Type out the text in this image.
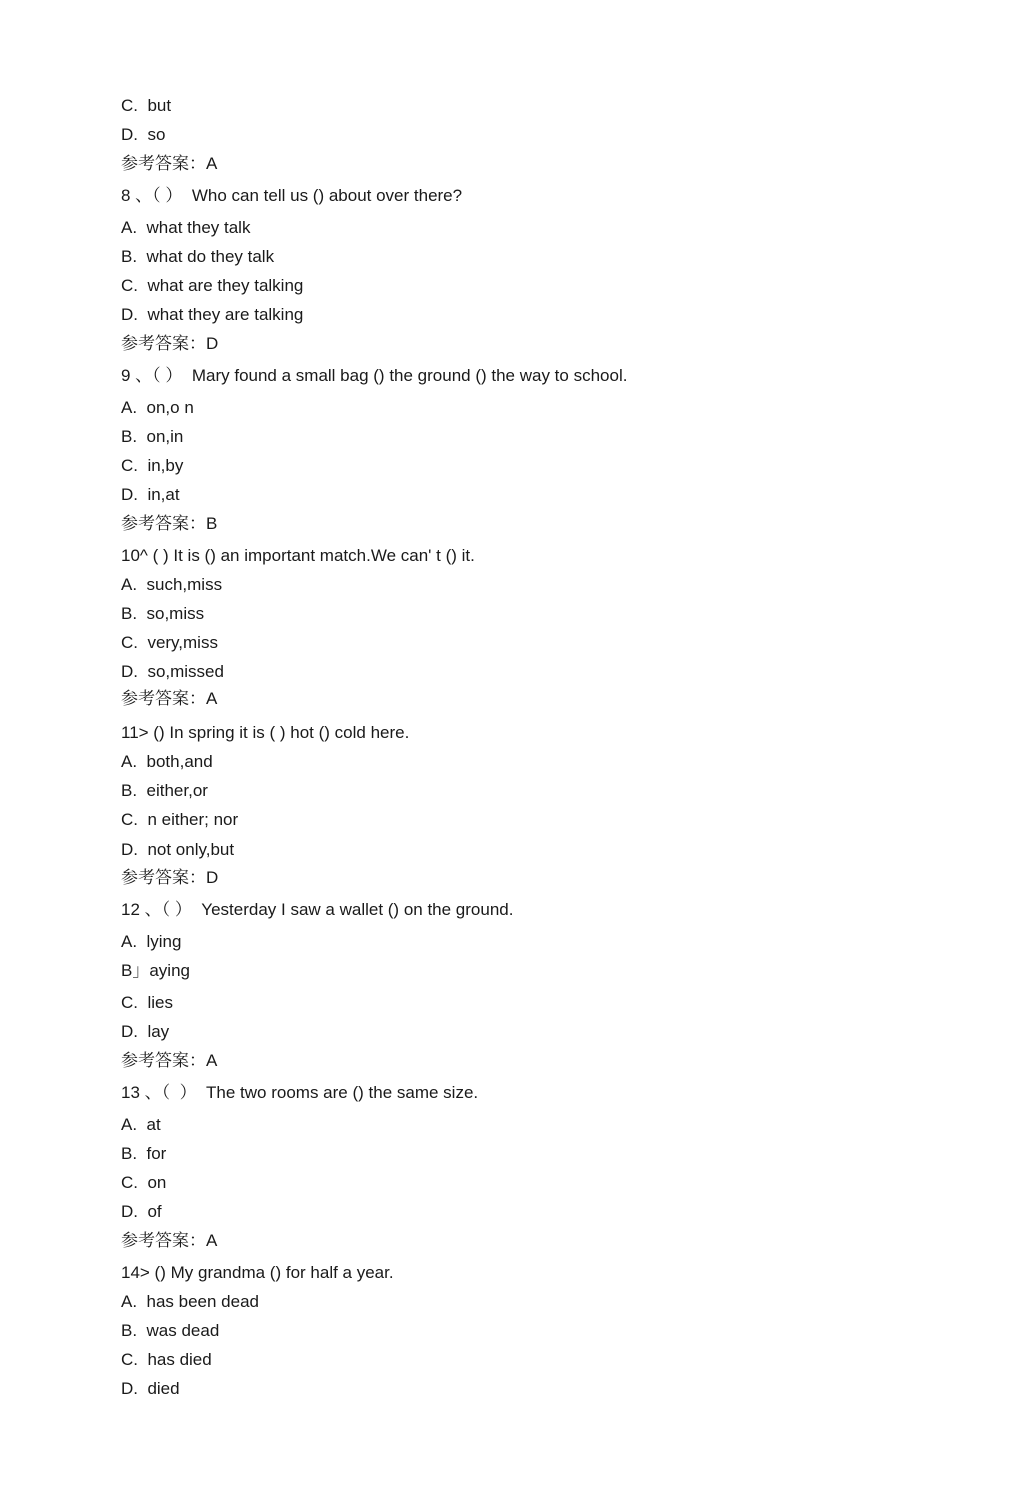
C.  but
D.  so
参考答案：A
8 、（ ）  Who can tell us () about over there?
A.  what they talk
B.  what do they talk
C.  what are they talking
D.  what they are talking
参考答案：D
9 、（ ）  Mary found a small bag () the ground () the way to school.
A.  on,o n
B.  on,in
C.  in,by
D.  in,at
参考答案：B
10^ ( ) It is () an important match.We can' t () it.
A.  such,miss
B.  so,miss
C.  very,miss
D.  so,missed
参考答案：A
11> () In spring it is ( ) hot () cold here.
A.  both,and
B.  either,or
C.  n either; nor
D.  not only,but
参考答案：D
12 、（ ）  Yesterday I saw a wallet () on the ground.
A.  lying
B」aying
C.  lies
D.  lay
参考答案：A
13 、（  ）  The two rooms are () the same size.
A.  at
B.  for
C.  on
D.  of
参考答案：A
14> () My grandma () for half a year.
A.  has been dead
B.  was dead
C.  has died
D.  died
